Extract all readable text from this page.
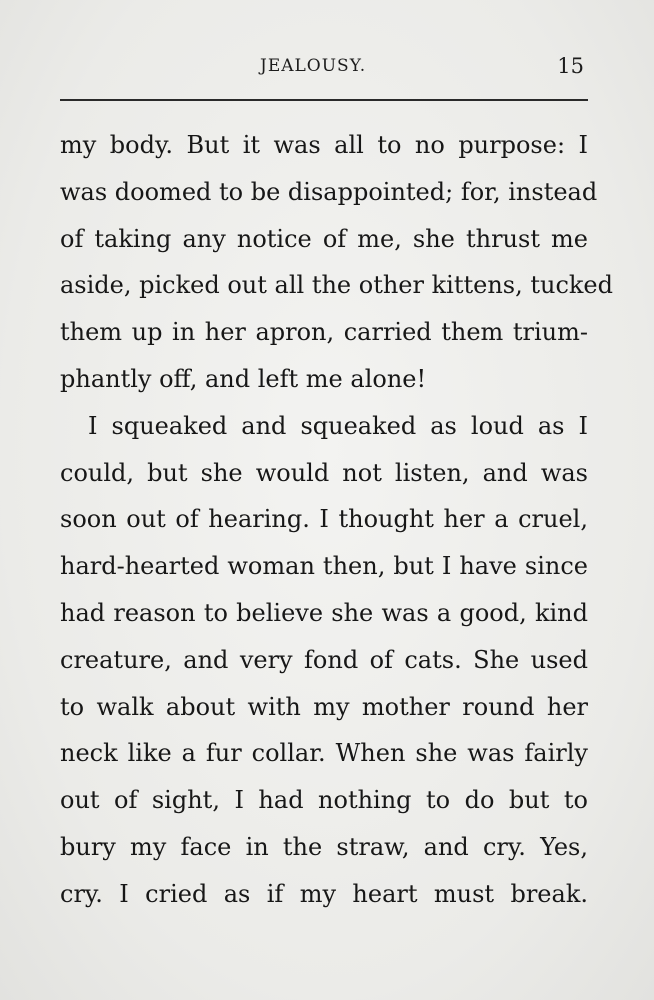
JEALOUSY.	15
my body. But it was all to no purpose: I
was doomed to be disappointed; for, instead
of taking any notice of me, she thrust me
aside, picked out all the other kittens, tucked
them up in her apron, carried them trium-
phantly off, and left me alone!
I squeaked and squeaked as loud as I
could, but she would not listen, and was
soon out of hearing. I thought her a cruel,
hard-hearted woman then, but I have since
had reason to believe she was a good, kind
creature, and very fond of cats. She used
to walk about with my mother round her
neck like a fur collar. When she was fairly
out of sight, I had nothing to do but to
bury my face in the straw, and cry. Yes,
cry. I cried as if my heart must break.
